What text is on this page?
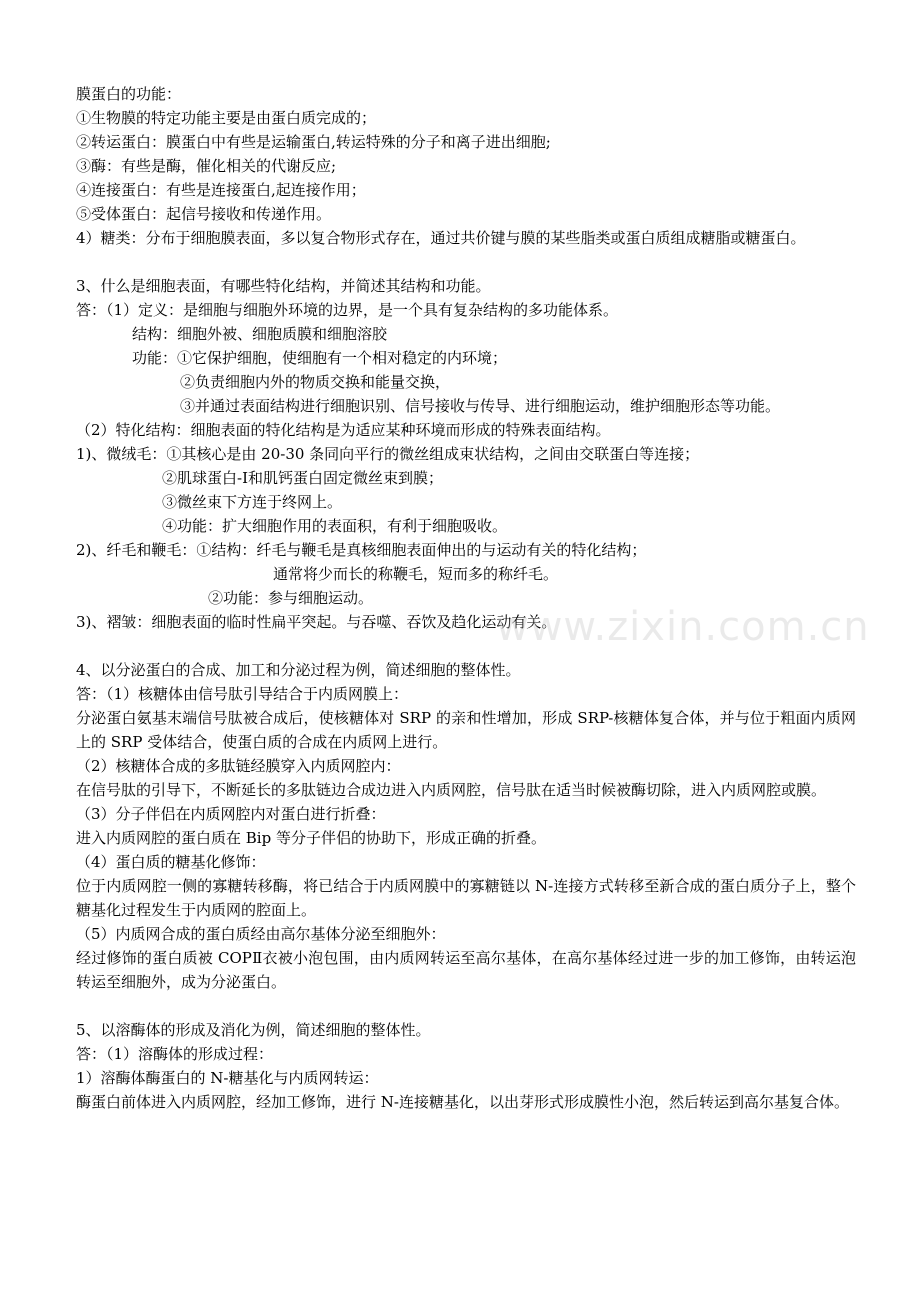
膜蛋白的功能：
①生物膜的特定功能主要是由蛋白质完成的；
②转运蛋白：膜蛋白中有些是运输蛋白,转运特殊的分子和离子进出细胞;
③酶：有些是酶，催化相关的代谢反应;
④连接蛋白：有些是连接蛋白,起连接作用；
⑤受体蛋白：起信号接收和传递作用。
4）糖类：分布于细胞膜表面，多以复合物形式存在，通过共价键与膜的某些脂类或蛋白质组成糖脂或糖蛋白。
3、什么是细胞表面，有哪些特化结构，并简述其结构和功能。
答：（1）定义：是细胞与细胞外环境的边界，是一个具有复杂结构的多功能体系。
结构：细胞外被、细胞质膜和细胞溶胶
功能：①它保护细胞，使细胞有一个相对稳定的内环境；
②负责细胞内外的物质交换和能量交换，
③并通过表面结构进行细胞识别、信号接收与传导、进行细胞运动，维护细胞形态等功能。
（2）特化结构：细胞表面的特化结构是为适应某种环境而形成的特殊表面结构。
1)、微绒毛：①其核心是由 20-30 条同向平行的微丝组成束状结构，之间由交联蛋白等连接；
②肌球蛋白-Ⅰ和肌钙蛋白固定微丝束到膜；
③微丝束下方连于终网上。
④功能：扩大细胞作用的表面积，有利于细胞吸收。
2)、纤毛和鞭毛：①结构：纤毛与鞭毛是真核细胞表面伸出的与运动有关的特化结构；
通常将少而长的称鞭毛，短而多的称纤毛。
②功能：参与细胞运动。
3)、褶皱：细胞表面的临时性扁平突起。与吞噬、吞饮及趋化运动有关。
4、以分泌蛋白的合成、加工和分泌过程为例，简述细胞的整体性。
答：（1）核糖体由信号肽引导结合于内质网膜上：
分泌蛋白氨基末端信号肽被合成后，使核糖体对 SRP 的亲和性增加，形成 SRP-核糖体复合体，并与位于粗面内质网上的 SRP 受体结合，使蛋白质的合成在内质网上进行。
（2）核糖体合成的多肽链经膜穿入内质网腔内：
在信号肽的引导下，不断延长的多肽链边合成边进入内质网腔，信号肽在适当时候被酶切除，进入内质网腔或膜。
（3）分子伴侣在内质网腔内对蛋白进行折叠：
进入内质网腔的蛋白质在 Bip 等分子伴侣的协助下，形成正确的折叠。
（4）蛋白质的糖基化修饰：
位于内质网腔一侧的寡糖转移酶，将已结合于内质网膜中的寡糖链以 N-连接方式转移至新合成的蛋白质分子上，整个糖基化过程发生于内质网的腔面上。
（5）内质网合成的蛋白质经由高尔基体分泌至细胞外：
经过修饰的蛋白质被 COPⅡ衣被小泡包围，由内质网转运至高尔基体，在高尔基体经过进一步的加工修饰，由转运泡转运至细胞外，成为分泌蛋白。
5、以溶酶体的形成及消化为例，简述细胞的整体性。
答：（1）溶酶体的形成过程：
1）溶酶体酶蛋白的 N-糖基化与内质网转运：
酶蛋白前体进入内质网腔，经加工修饰，进行 N-连接糖基化，以出芽形式形成膜性小泡，然后转运到高尔基复合体。
www.zixin.com.cn
